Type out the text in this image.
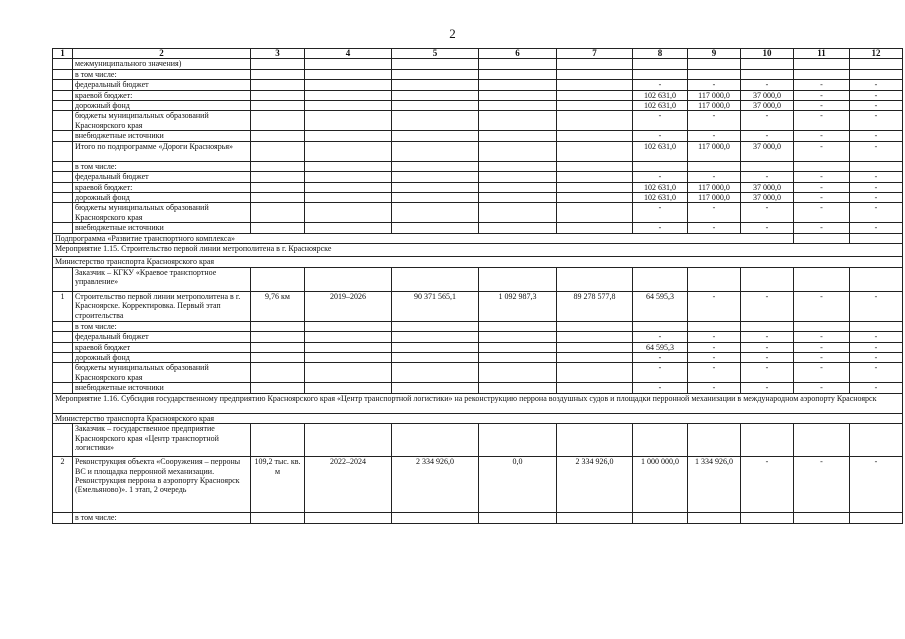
2
1	2	3	4	5	6	7	8	9	10	11	12
	межмуниципального значения)										
	в том числе:										
	федеральный бюджет						-	-	-	-	-
	краевой бюджет:						102 631,0	117 000,0	37 000,0	-	-
	дорожный фонд						102 631,0	117 000,0	37 000,0	-	-
	бюджеты муниципальных образований Красноярского края						-	-	-	-	-
	внебюджетные источники						-	-	-	-	-
	Итого по подпрограмме «Дороги Красноярья»						102 631,0	117 000,0	37 000,0	-	-
	в том числе:										
	федеральный бюджет						-	-	-	-	-
	краевой бюджет:						102 631,0	117 000,0	37 000,0	-	-
	дорожный фонд						102 631,0	117 000,0	37 000,0	-	-
	бюджеты муниципальных образований Красноярского края						-	-	-	-	-
	внебюджетные источники						-	-	-	-	-
Подпрограмма «Развитие транспортного комплекса»											
Мероприятие 1.15. Строительство первой линии метрополитена в г. Красноярске											
Министерство транспорта Красноярского края											
	Заказчик – КГКУ «Краевое транспортное управление»										
1	Строительство первой линии метрополитена в г. Красноярске. Корректировка. Первый этап строительства	9,76 км	2019–2026	90 371 565,1	1 092 987,3	89 278 577,8	64 595,3	-	-	-	-
	в том числе:										
	федеральный бюджет						-	-	-	-	-
	краевой бюджет						64 595,3	-	-	-	-
	дорожный фонд						-	-	-	-	-
	бюджеты муниципальных образований Красноярского края						-	-	-	-	-
	внебюджетные источники						-	-	-	-	-
Мероприятие 1.16. Субсидия государственному предприятию Красноярского края «Центр транспортной логистики» на реконструкцию перрона воздушных судов и площадки перронной механизации в международном аэропорту Красноярск											
Министерство транспорта Красноярского края											
	Заказчик – государственное предприятие Красноярского края «Центр транспортной логистики»										
2	Реконструкция объекта «Сооружения – перроны ВС и площадка перронной механизации. Реконструкция перрона в аэропорту Красноярск (Емельяново)». 1 этап, 2 очередь	109,2 тыс. кв. м	2022–2024	2 334 926,0	0,0	2 334 926,0	1 000 000,0	1 334 926,0	-	-	-
	в том числе:										
